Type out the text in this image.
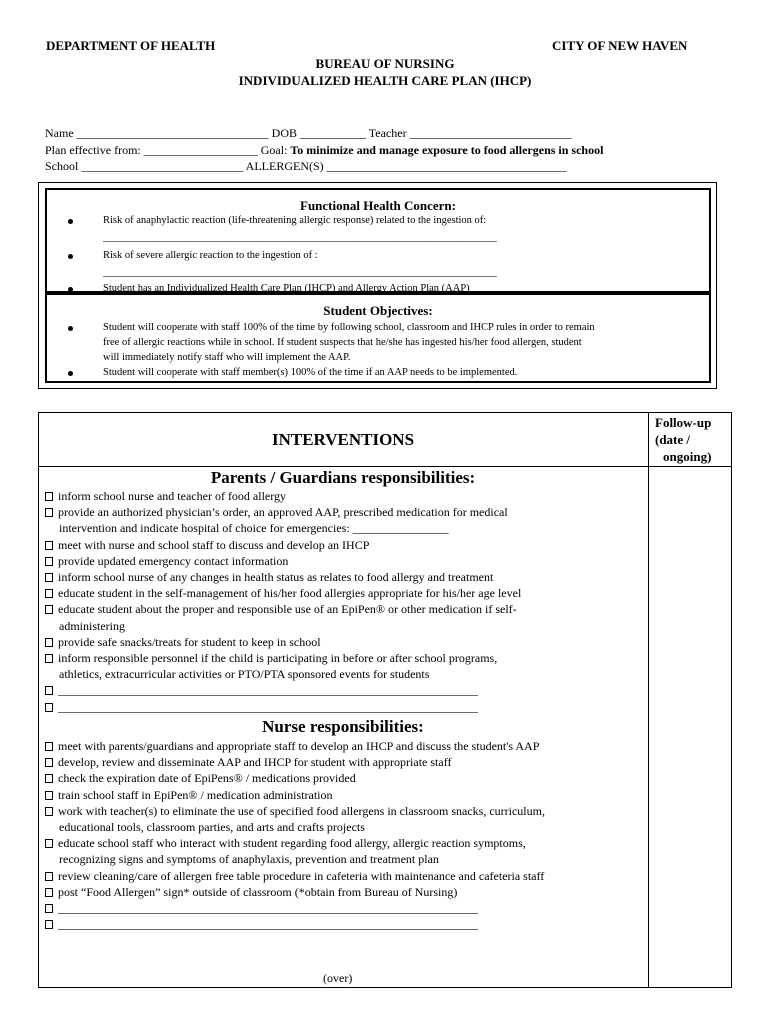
DEPARTMENT OF HEALTH	CITY OF NEW HAVEN
BUREAU OF NURSING
INDIVIDUALIZED HEALTH CARE PLAN (IHCP)
Name ________________________________ DOB ___________ Teacher ___________________________
Plan effective from: ___________________ Goal: To minimize and manage exposure to food allergens in school
School ___________________________ ALLERGEN(S) ________________________________________
Functional Health Concern:
Risk of anaphylactic reaction (life-threatening allergic response) related to the ingestion of:
___________________________________________________________________________
Risk of severe allergic reaction to the ingestion of :
___________________________________________________________________________
Student has an Individualized Health Care Plan (IHCP) and Allergy Action Plan (AAP)
Student Objectives:
Student will cooperate with staff 100% of the time by following school, classroom and IHCP rules in order to remain
free of allergic reactions while in school. If student suspects that he/she has ingested his/her food allergen, student
will immediately notify staff who will implement the AAP.
Student will cooperate with staff member(s) 100% of the time if an AAP needs to be implemented.
INTERVENTIONS
Follow-up
(date /
ongoing)
Parents / Guardians responsibilities:
inform school nurse and teacher of food allergy
provide an authorized physician’s order, an approved AAP, prescribed medication for medical
intervention and indicate hospital of choice for emergencies: ________________
meet with nurse and school staff to discuss and develop an IHCP
provide updated emergency contact information
inform school nurse of any changes in health status as relates to food allergy and treatment
educate student in the self-management of his/her food allergies appropriate for his/her age level
educate student about the proper and responsible use of an EpiPen® or other medication if self-
administering
provide safe snacks/treats for student to keep in school
inform responsible personnel if the child is participating in before or after school programs,
athletics, extracurricular activities or PTO/PTA sponsored events for students
______________________________________________________________________
______________________________________________________________________
Nurse responsibilities:
meet with parents/guardians and appropriate staff to develop an IHCP and discuss the student's AAP
develop, review and disseminate AAP and IHCP for student with appropriate staff
check the expiration date of EpiPens® / medications provided
train school staff in EpiPen® / medication administration
work with teacher(s) to eliminate the use of specified food allergens in classroom snacks, curriculum,
educational tools, classroom parties, and arts and crafts projects
educate school staff who interact with student regarding food allergy, allergic reaction symptoms,
recognizing signs and symptoms of anaphylaxis, prevention and treatment plan
review cleaning/care of allergen free table procedure in cafeteria with maintenance and cafeteria staff
post “Food Allergen” sign* outside of classroom (*obtain from Bureau of Nursing)
______________________________________________________________________
______________________________________________________________________
(over)
